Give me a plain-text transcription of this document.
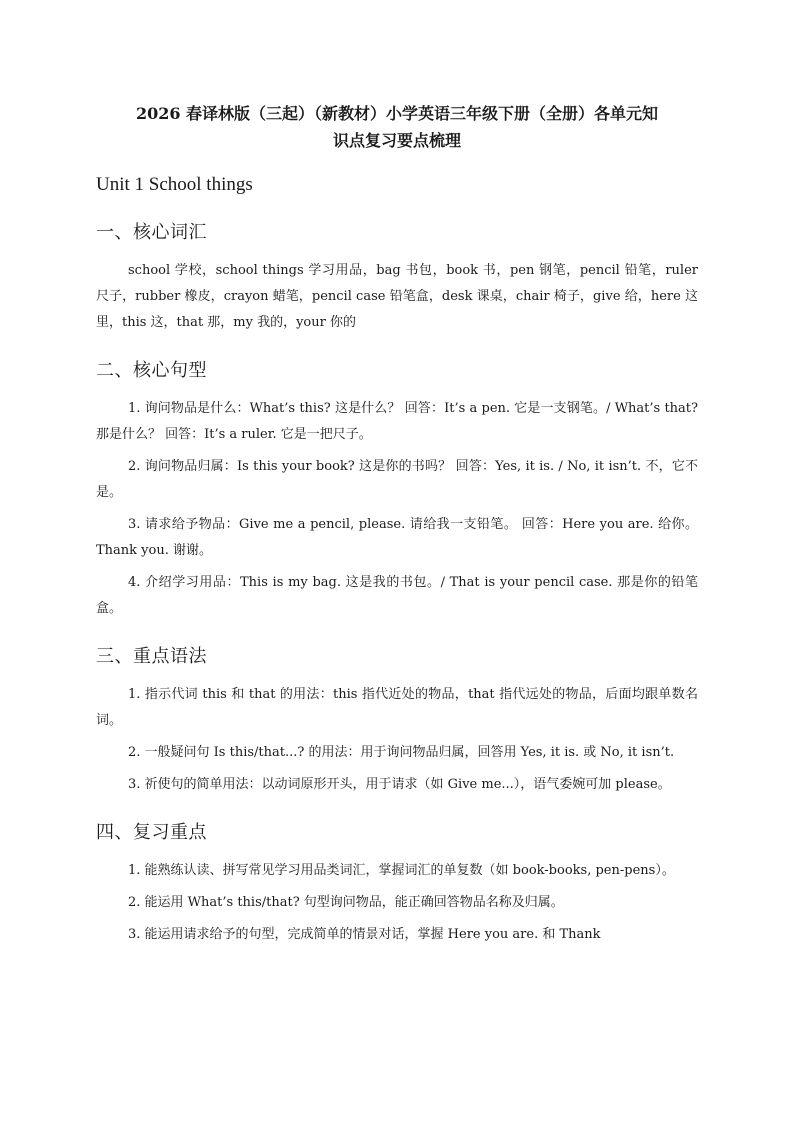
2026 春译林版（三起）（新教材）小学英语三年级下册（全册）各单元知
识点复习要点梳理
Unit 1 School things
一、核心词汇

school 学校，school things 学习用品，bag 书包，book 书，pen 钢笔，pencil 铅笔，ruler 尺子，rubber 橡皮，crayon 蜡笔，pencil case 铅笔盒，desk 课桌，chair 椅子，give 给，here 这里，this 这，that 那，my 我的，your 你的

二、核心句型

1. 询问物品是什么：What’s this? 这是什么？ 回答：It’s a pen. 它是一支钢笔。/ What’s that? 那是什么？ 回答：It’s a ruler. 它是一把尺子。

2. 询问物品归属：Is this your book? 这是你的书吗？ 回答：Yes, it is. / No, it isn’t. 不，它不是。

3. 请求给予物品：Give me a pencil, please. 请给我一支铅笔。 回答：Here you are. 给你。 Thank you. 谢谢。

4. 介绍学习用品：This is my bag. 这是我的书包。/ That is your pencil case. 那是你的铅笔盒。

三、重点语法

1. 指示代词 this 和 that 的用法：this 指代近处的物品，that 指代远处的物品，后面均跟单数名词。

2. 一般疑问句 Is this/that...? 的用法：用于询问物品归属，回答用 Yes, it is. 或 No, it isn’t.

3. 祈使句的简单用法：以动词原形开头，用于请求（如 Give me...），语气委婉可加 please。

四、复习重点

1. 能熟练认读、拼写常见学习用品类词汇，掌握词汇的单复数（如 book-books, pen-pens）。

2. 能运用 What’s this/that? 句型询问物品，能正确回答物品名称及归属。

3. 能运用请求给予的句型，完成简单的情景对话，掌握 Here you are. 和 Thank
